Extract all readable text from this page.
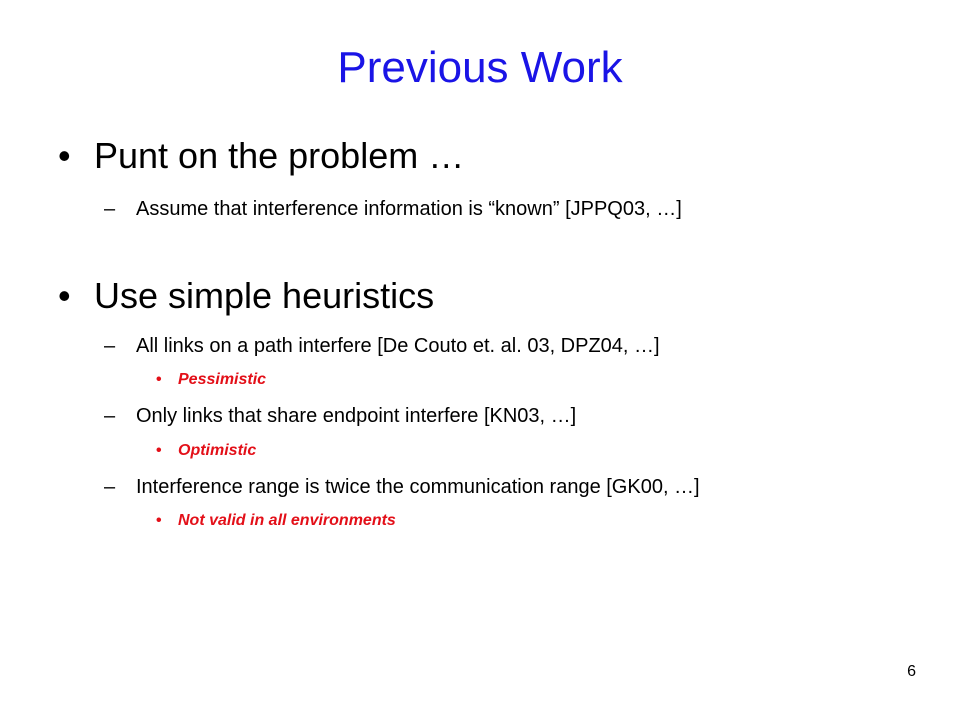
Previous Work
• Punt on the problem …
– Assume that interference information is “known” [JPPQ03, …]
• Use simple heuristics
– All links on a path interfere [De Couto et. al. 03, DPZ04, …]
• Pessimistic
– Only links that share endpoint interfere [KN03, …]
• Optimistic
– Interference range is twice the communication range [GK00, …]
• Not valid in all environments
6
